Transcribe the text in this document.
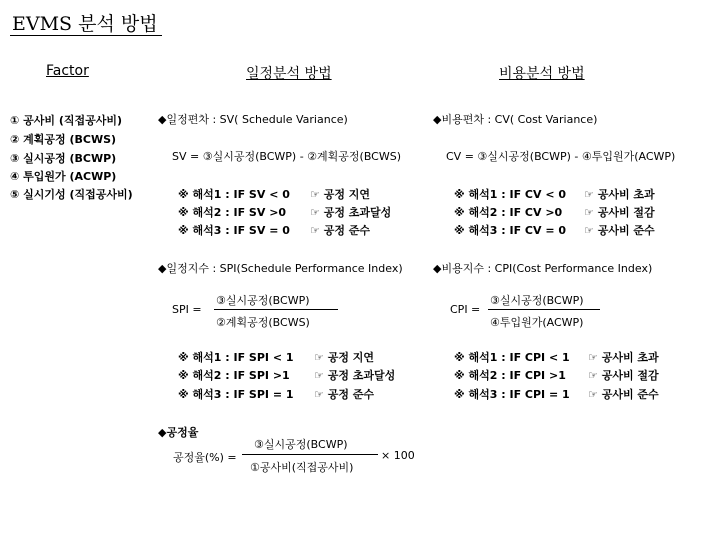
EVMS 분석 방법
Factor	일정분석 방법	비용분석 방법
① 공사비 (직접공사비)
② 계획공정 (BCWS)
③ 실시공정 (BCWP)
④ 투입원가 (ACWP)
⑤ 실시기성 (직접공사비)
◆일정편차 : SV( Schedule Variance)
SV = ③실시공정(BCWP) - ②계획공정(BCWS)
※ 해석1 : IF SV < 0 ☞ 공정 지연
※ 해석2 : IF SV >0 ☞ 공정 초과달성
※ 해석3 : IF SV = 0 ☞ 공정 준수
◆일정지수 : SPI(Schedule Performance Index)
SPI =
③실시공정(BCWP)
②계획공정(BCWS)
※ 해석1 : IF SPI < 1 ☞ 공정 지연
※ 해석2 : IF SPI >1 ☞ 공정 초과달성
※ 해석3 : IF SPI = 1 ☞ 공정 준수
◆공정율
공정율(%) =
③실시공정(BCWP)
①공사비(직접공사비)
× 100
◆비용편차 : CV( Cost Variance)
CV = ③실시공정(BCWP) - ④투입원가(ACWP)
※ 해석1 : IF CV < 0 ☞ 공사비 초과
※ 해석2 : IF CV >0 ☞ 공사비 절감
※ 해석3 : IF CV = 0 ☞ 공사비 준수
◆비용지수 : CPI(Cost Performance Index)
CPI =
③실시공정(BCWP)
④투입원가(ACWP)
※ 해석1 : IF CPI < 1 ☞ 공사비 초과
※ 해석2 : IF CPI >1 ☞ 공사비 절감
※ 해석3 : IF CPI = 1 ☞ 공사비 준수
